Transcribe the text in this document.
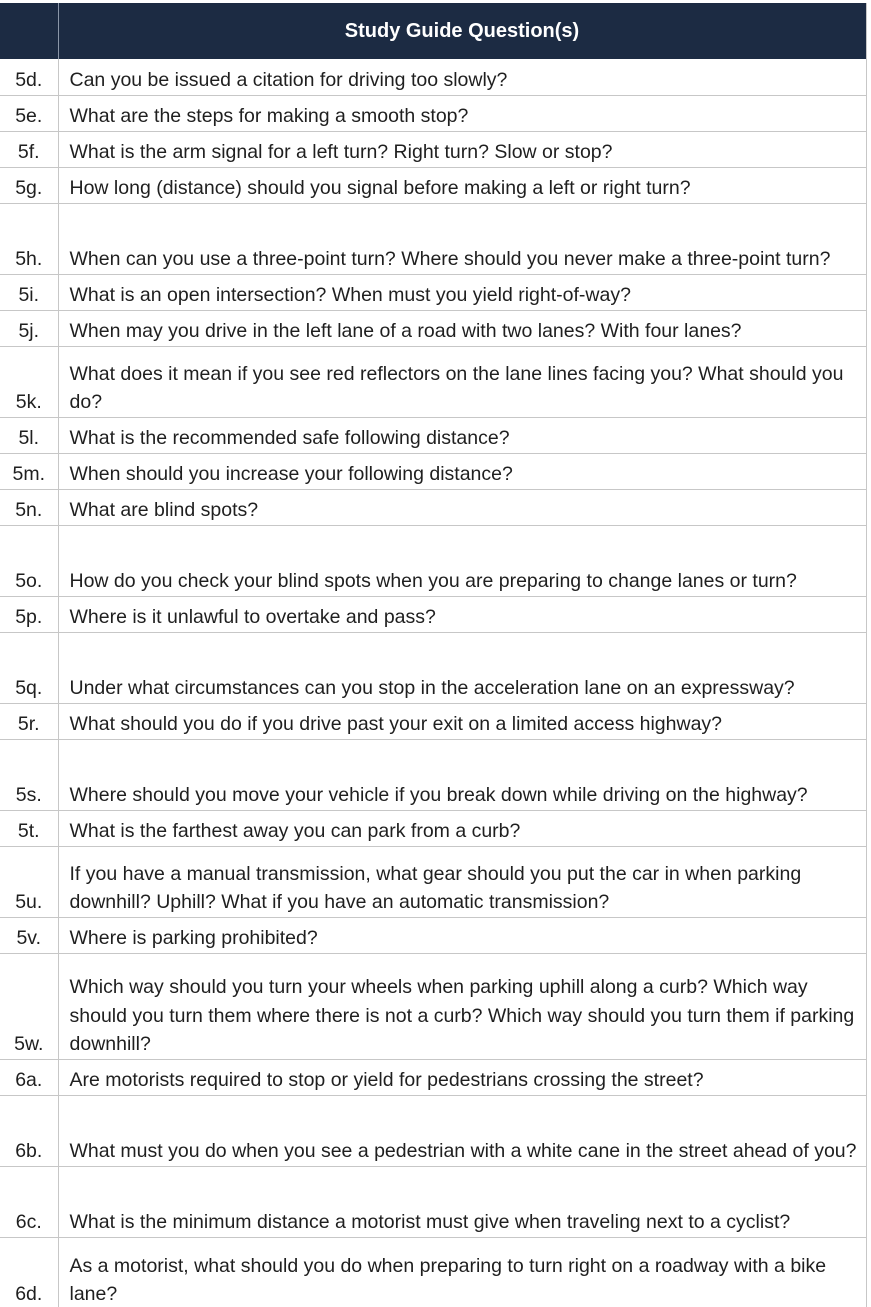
	Study Guide Question(s)
5d.	Can you be issued a citation for driving too slowly?
5e.	What are the steps for making a smooth stop?
5f.	What is the arm signal for a left turn? Right turn? Slow or stop?
5g.	How long (distance) should you signal before making a left or right turn?
5h.	When can you use a three-point turn? Where should you never make a three-point turn?
5i.	What is an open intersection? When must you yield right-of-way?
5j.	When may you drive in the left lane of a road with two lanes? With four lanes?
5k.	What does it mean if you see red reflectors on the lane lines facing you? What should you do?
5l.	What is the recommended safe following distance?
5m.	When should you increase your following distance?
5n.	What are blind spots?
5o.	How do you check your blind spots when you are preparing to change lanes or turn?
5p.	Where is it unlawful to overtake and pass?
5q.	Under what circumstances can you stop in the acceleration lane on an expressway?
5r.	What should you do if you drive past your exit on a limited access highway?
5s.	Where should you move your vehicle if you break down while driving on the highway?
5t.	What is the farthest away you can park from a curb?
5u.	If you have a manual transmission, what gear should you put the car in when parking downhill? Uphill? What if you have an automatic transmission?
5v.	Where is parking prohibited?
5w.	Which way should you turn your wheels when parking uphill along a curb? Which way should you turn them where there is not a curb? Which way should you turn them if parking downhill?
6a.	Are motorists required to stop or yield for pedestrians crossing the street?
6b.	What must you do when you see a pedestrian with a white cane in the street ahead of you?
6c.	What is the minimum distance a motorist must give when traveling next to a cyclist?
6d.	As a motorist, what should you do when preparing to turn right on a roadway with a bike lane?
